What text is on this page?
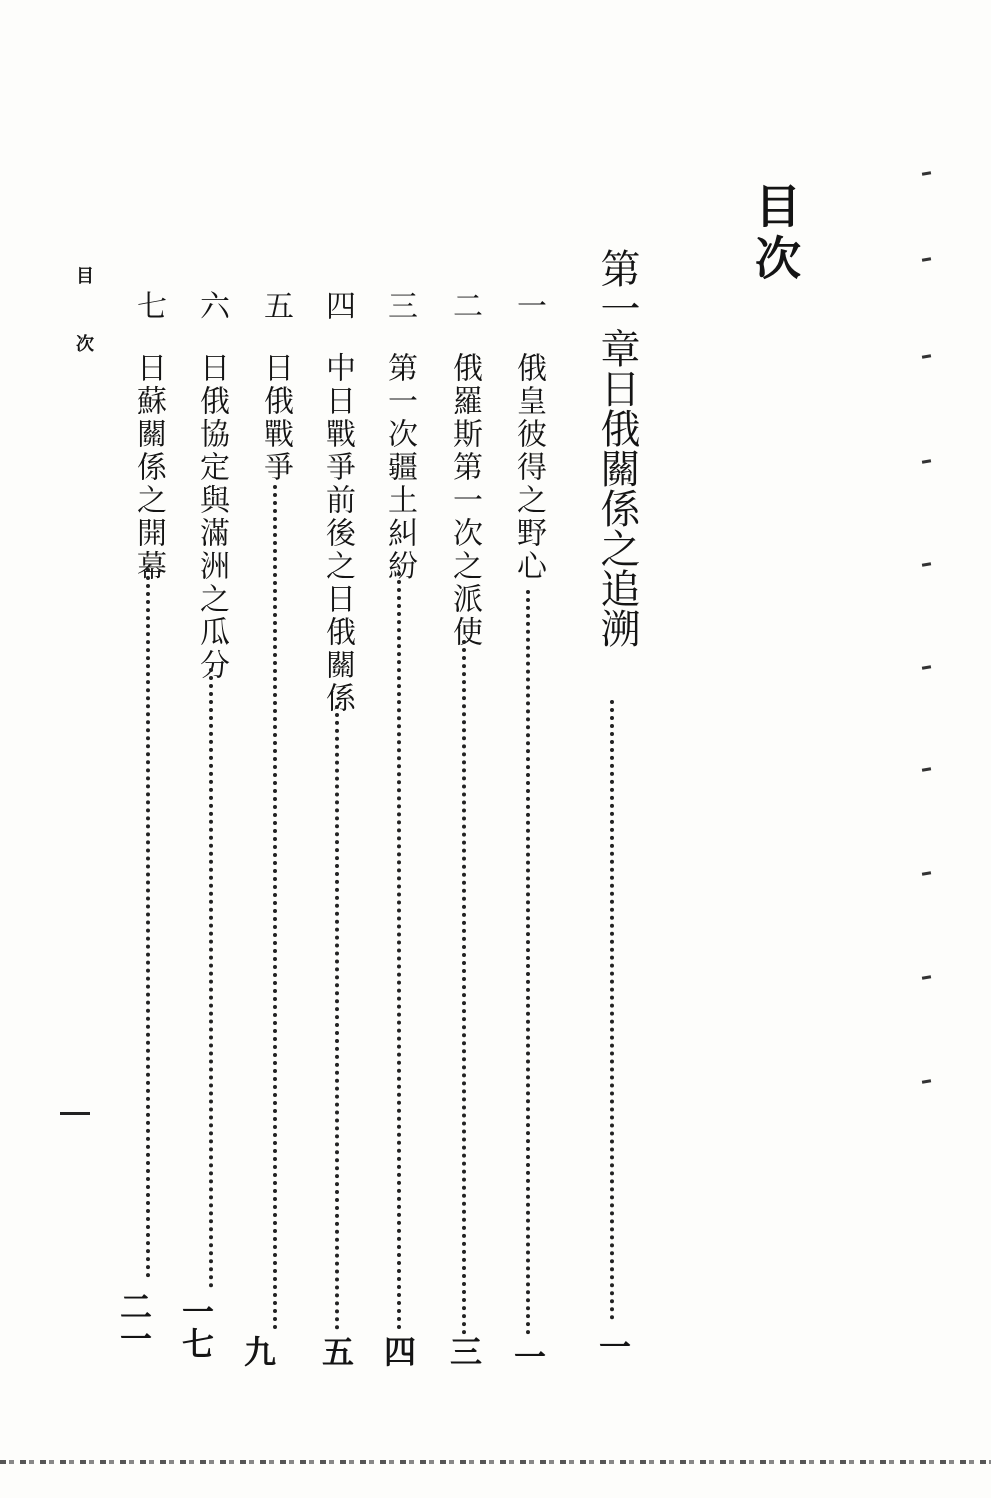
目次
第一章日俄關係之追溯
一
一
俄皇彼得之野心
一
二
俄羅斯第一次之派使
三
三
第一次疆土糾紛
四
四
中日戰爭前後之日俄關係
五
五
日俄戰爭
九
六
日俄協定與滿洲之瓜分
一七
七
日蘇關係之開幕
二一
目
次
